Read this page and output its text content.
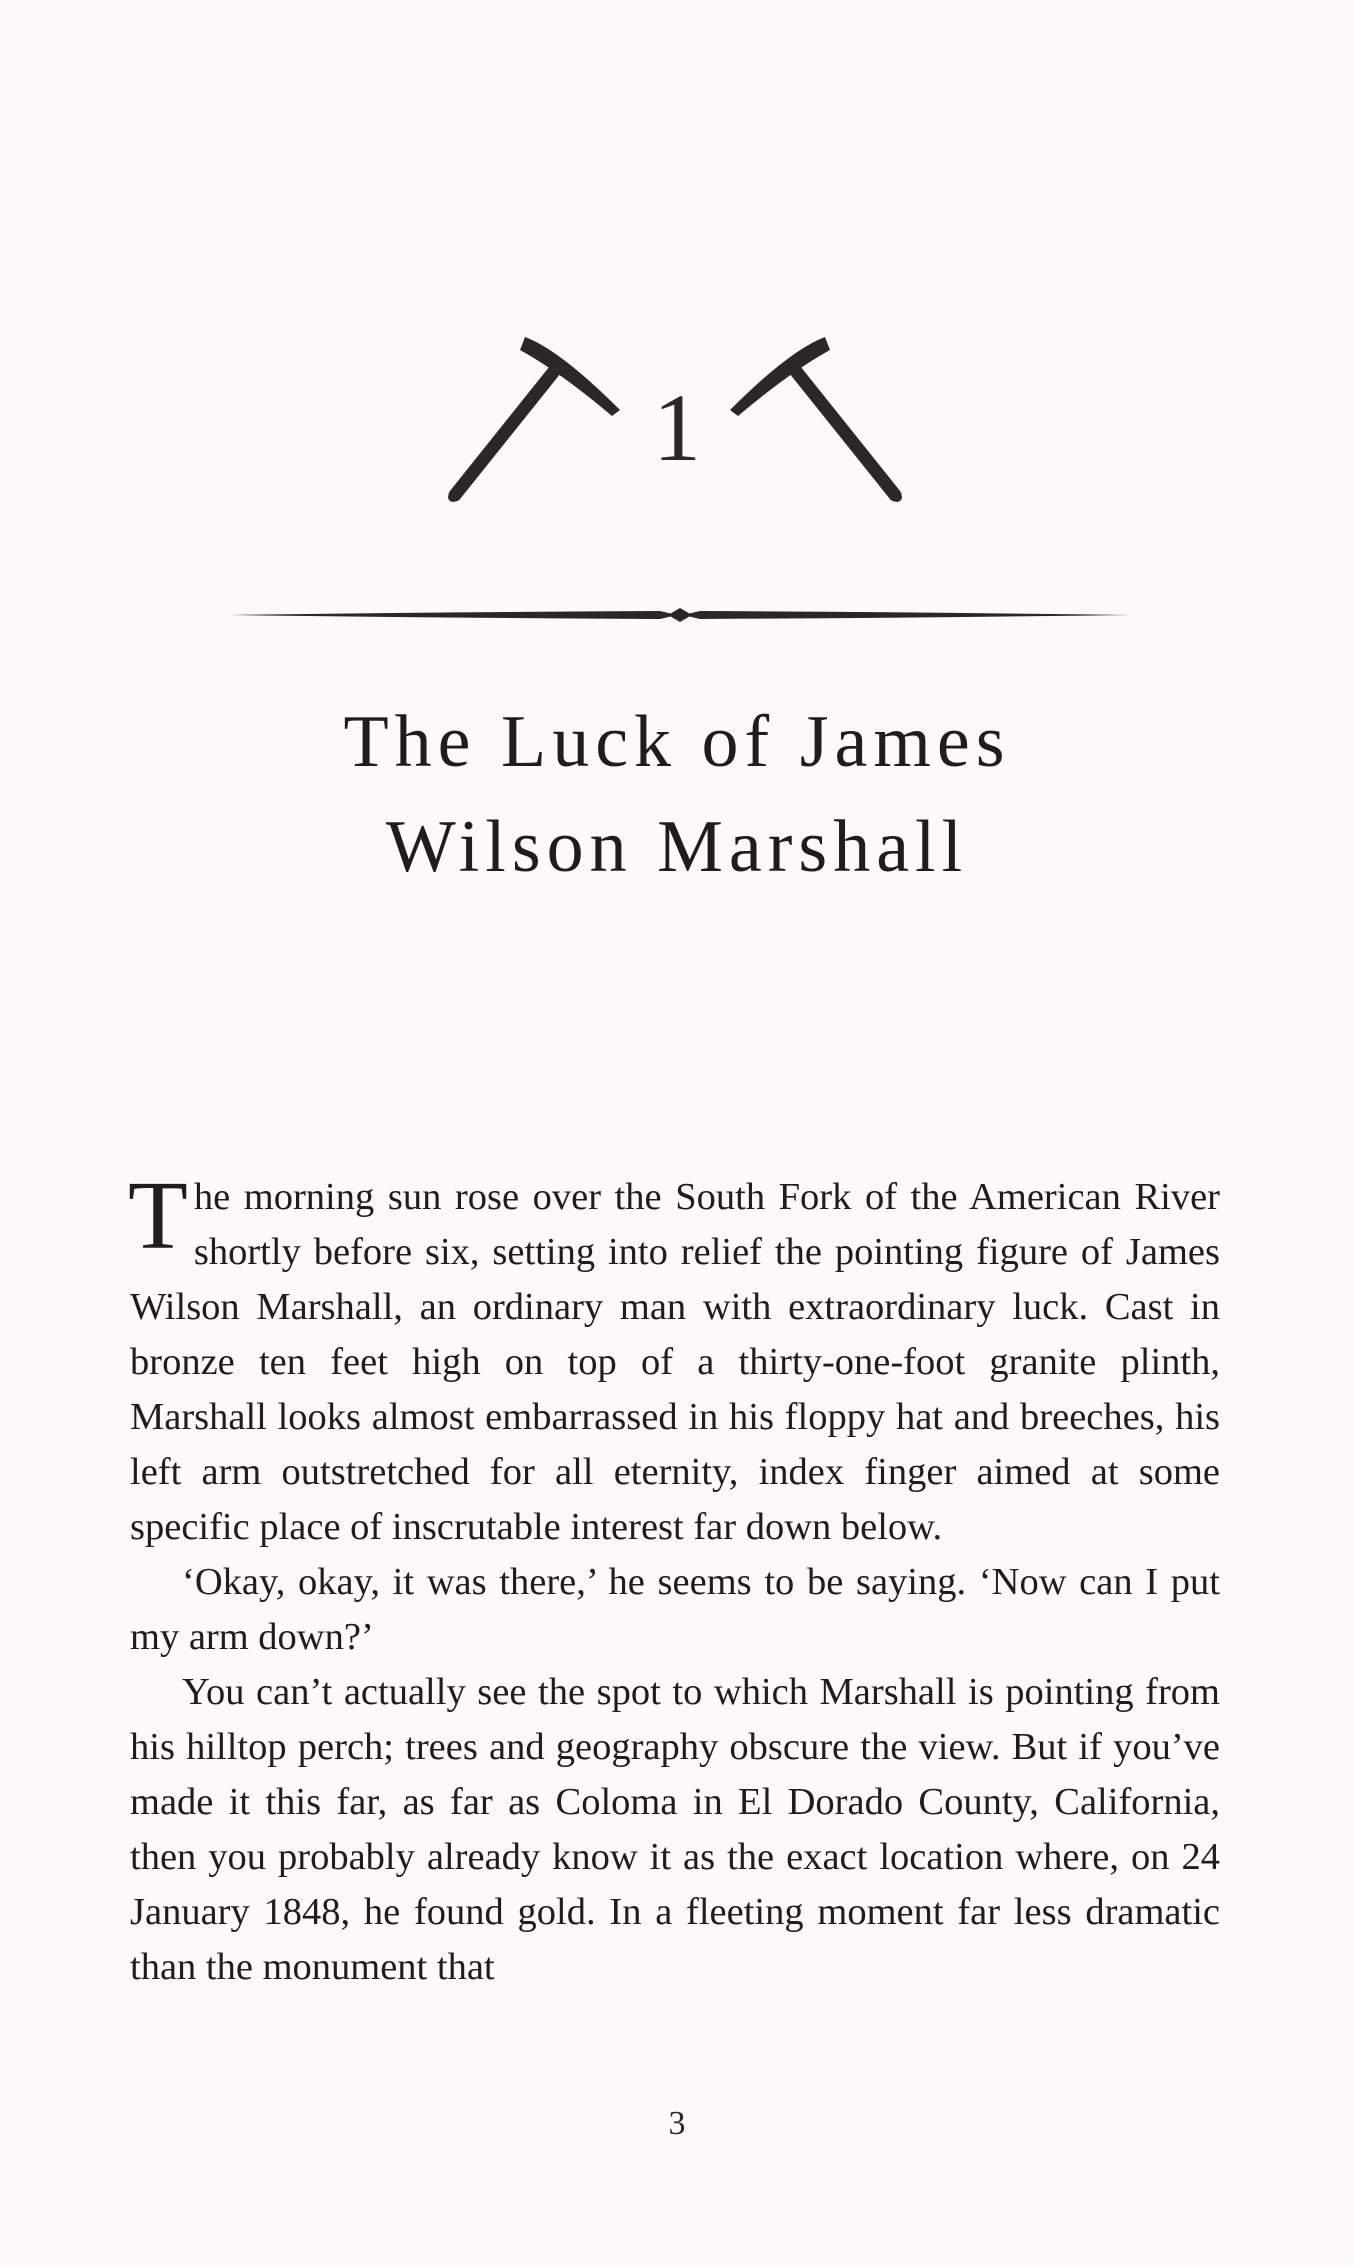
1
The Luck of James
Wilson Marshall

The morning sun rose over the South Fork of the American River shortly before six, setting into relief the pointing figure of James Wilson Marshall, an ordinary man with extraordinary luck. Cast in bronze ten feet high on top of a thirty-one-foot granite plinth, Marshall looks almost embarrassed in his floppy hat and breeches, his left arm outstretched for all eternity, index finger aimed at some specific place of inscrutable interest far down below.

‘Okay, okay, it was there,’ he seems to be saying. ‘Now can I put my arm down?’

You can’t actually see the spot to which Marshall is pointing from his hilltop perch; trees and geography obscure the view. But if you’ve made it this far, as far as Coloma in El Dorado County, California, then you probably already know it as the exact location where, on 24 January 1848, he found gold. In a fleeting moment far less dramatic than the monument that

3
